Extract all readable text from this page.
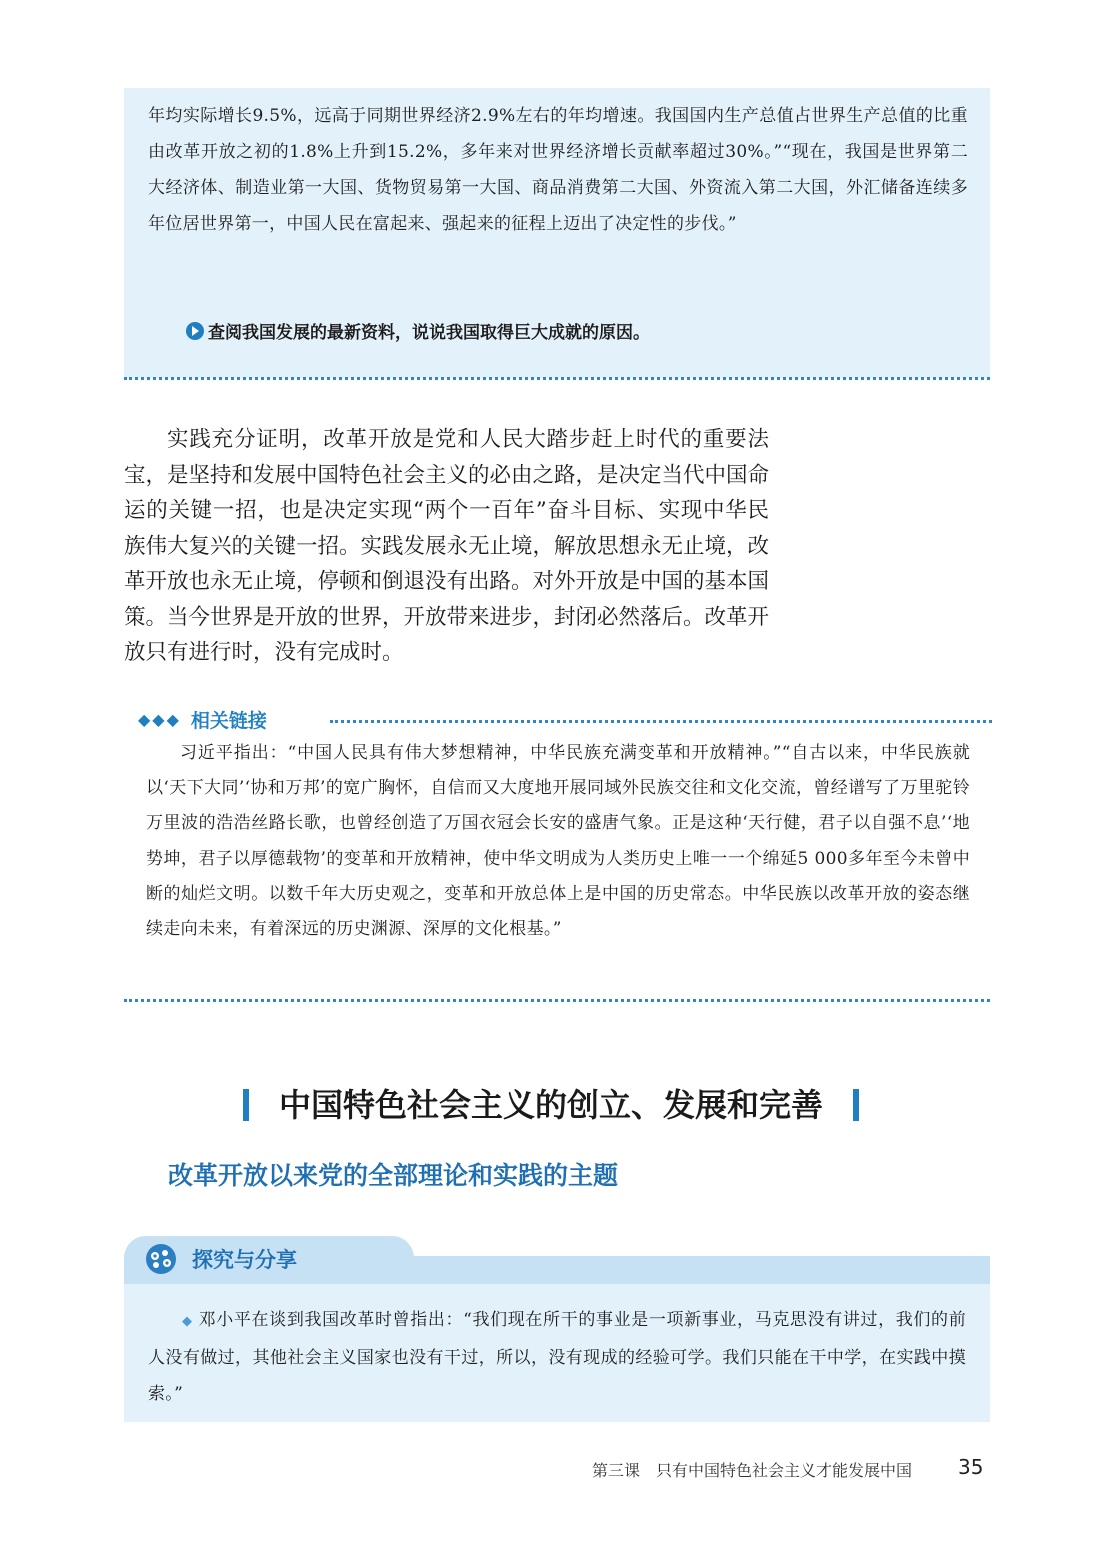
年均实际增长9.5%，远高于同期世界经济2.9%左右的年均增速。我国国内生产总值占世界生产总值的比重由改革开放之初的1.8%上升到15.2%，多年来对世界经济增长贡献率超过30%。”“现在，我国是世界第二大经济体、制造业第一大国、货物贸易第一大国、商品消费第二大国、外资流入第二大国，外汇储备连续多年位居世界第一，中国人民在富起来、强起来的征程上迈出了决定性的步伐。”

查阅我国发展的最新资料，说说我国取得巨大成就的原因。

实践充分证明，改革开放是党和人民大踏步赶上时代的重要法宝，是坚持和发展中国特色社会主义的必由之路，是决定当代中国命运的关键一招，也是决定实现“两个一百年”奋斗目标、实现中华民族伟大复兴的关键一招。实践发展永无止境，解放思想永无止境，改革开放也永无止境，停顿和倒退没有出路。对外开放是中国的基本国策。当今世界是开放的世界，开放带来进步，封闭必然落后。改革开放只有进行时，没有完成时。

◆◆◆ 相关链接

习近平指出：“中国人民具有伟大梦想精神，中华民族充满变革和开放精神。”“自古以来，中华民族就以‘天下大同’‘协和万邦’的宽广胸怀，自信而又大度地开展同域外民族交往和文化交流，曾经谱写了万里驼铃万里波的浩浩丝路长歌，也曾经创造了万国衣冠会长安的盛唐气象。正是这种‘天行健，君子以自强不息’‘地势坤，君子以厚德载物’的变革和开放精神，使中华文明成为人类历史上唯一一个绵延5 000多年至今未曾中断的灿烂文明。以数千年大历史观之，变革和开放总体上是中国的历史常态。中华民族以改革开放的姿态继续走向未来，有着深远的历史渊源、深厚的文化根基。”

中国特色社会主义的创立、发展和完善
改革开放以来党的全部理论和实践的主题
探究与分享

◆ 邓小平在谈到我国改革时曾指出：“我们现在所干的事业是一项新事业，马克思没有讲过，我们的前人没有做过，其他社会主义国家也没有干过，所以，没有现成的经验可学。我们只能在干中学，在实践中摸索。”

第三课　只有中国特色社会主义才能发展中国 35
